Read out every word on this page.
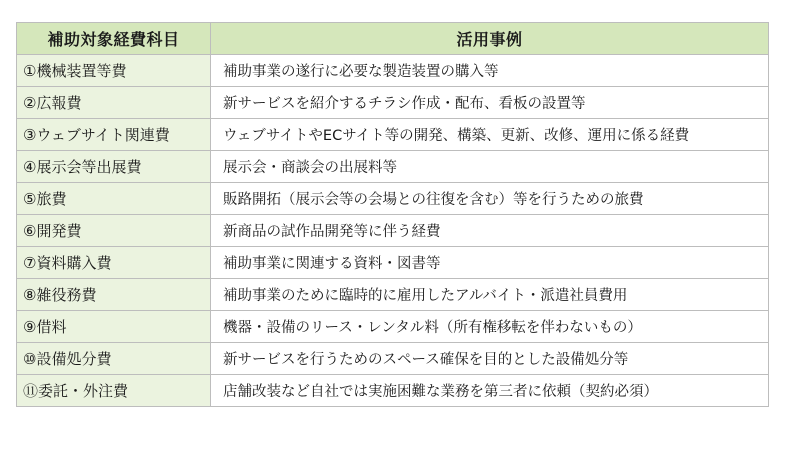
補助対象経費科目	活用事例
①機械装置等費	補助事業の遂行に必要な製造装置の購入等
②広報費	新サービスを紹介するチラシ作成・配布、看板の設置等
③ウェブサイト関連費	ウェブサイトやECサイト等の開発、構築、更新、改修、運用に係る経費
④展示会等出展費	展示会・商談会の出展料等
⑤旅費	販路開拓（展示会等の会場との往復を含む）等を行うための旅費
⑥開発費	新商品の試作品開発等に伴う経費
⑦資料購入費	補助事業に関連する資料・図書等
⑧雑役務費	補助事業のために臨時的に雇用したアルバイト・派遣社員費用
⑨借料	機器・設備のリース・レンタル料（所有権移転を伴わないもの）
⑩設備処分費	新サービスを行うためのスペース確保を目的とした設備処分等
⑪委託・外注費	店舗改装など自社では実施困難な業務を第三者に依頼（契約必須）
